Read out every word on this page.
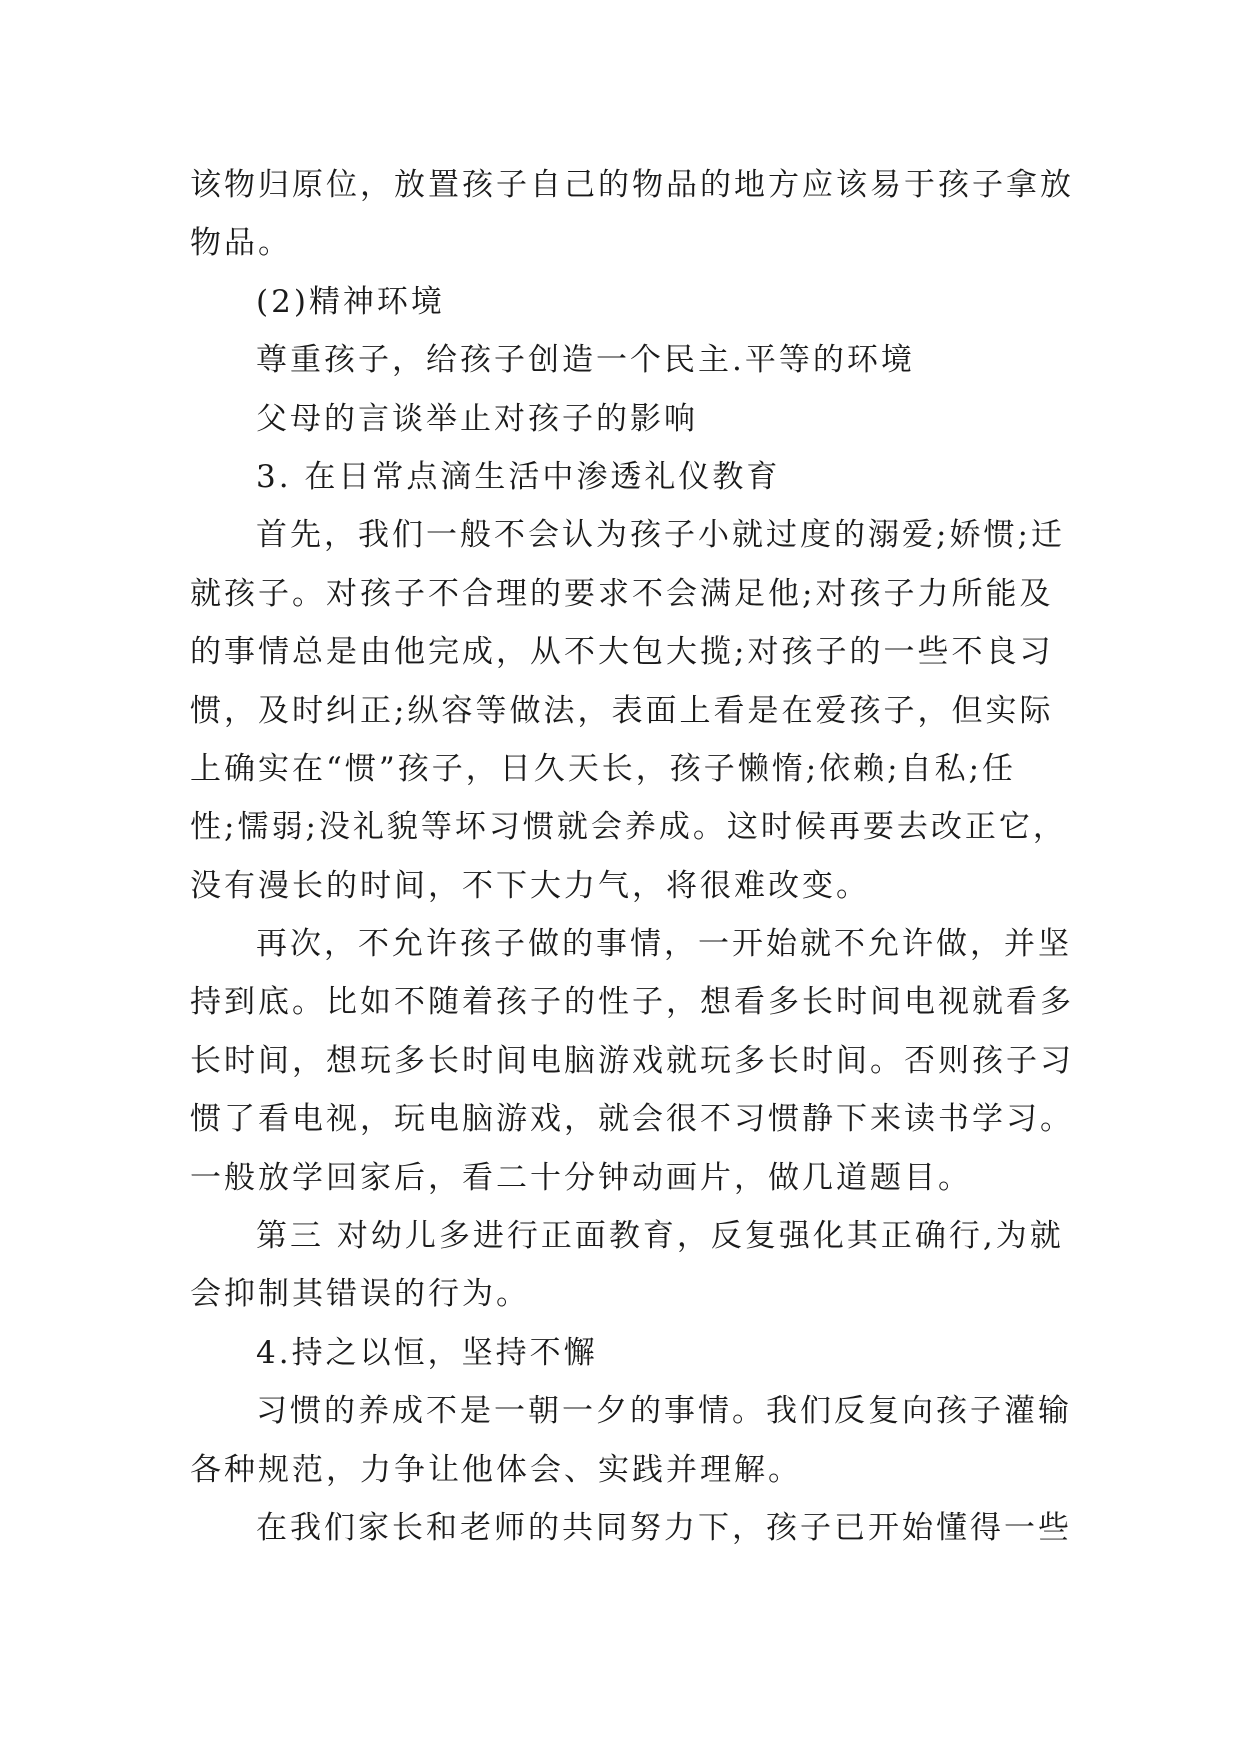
该物归原位，放置孩子自己的物品的地方应该易于孩子拿放
物品。
(2)精神环境
尊重孩子，给孩子创造一个民主.平等的环境
父母的言谈举止对孩子的影响
3. 在日常点滴生活中渗透礼仪教育
首先，我们一般不会认为孩子小就过度的溺爱;娇惯;迁
就孩子。对孩子不合理的要求不会满足他;对孩子力所能及
的事情总是由他完成，从不大包大揽;对孩子的一些不良习
惯，及时纠正;纵容等做法，表面上看是在爱孩子，但实际
上确实在“惯”孩子，日久天长，孩子懒惰;依赖;自私;任
性;懦弱;没礼貌等坏习惯就会养成。这时候再要去改正它，
没有漫长的时间，不下大力气，将很难改变。
再次，不允许孩子做的事情，一开始就不允许做，并坚
持到底。比如不随着孩子的性子，想看多长时间电视就看多
长时间，想玩多长时间电脑游戏就玩多长时间。否则孩子习
惯了看电视，玩电脑游戏，就会很不习惯静下来读书学习。
一般放学回家后，看二十分钟动画片，做几道题目。
第三 对幼儿多进行正面教育，反复强化其正确行,为就
会抑制其错误的行为。
4.持之以恒，坚持不懈
习惯的养成不是一朝一夕的事情。我们反复向孩子灌输
各种规范，力争让他体会、实践并理解。
在我们家长和老师的共同努力下，孩子已开始懂得一些
